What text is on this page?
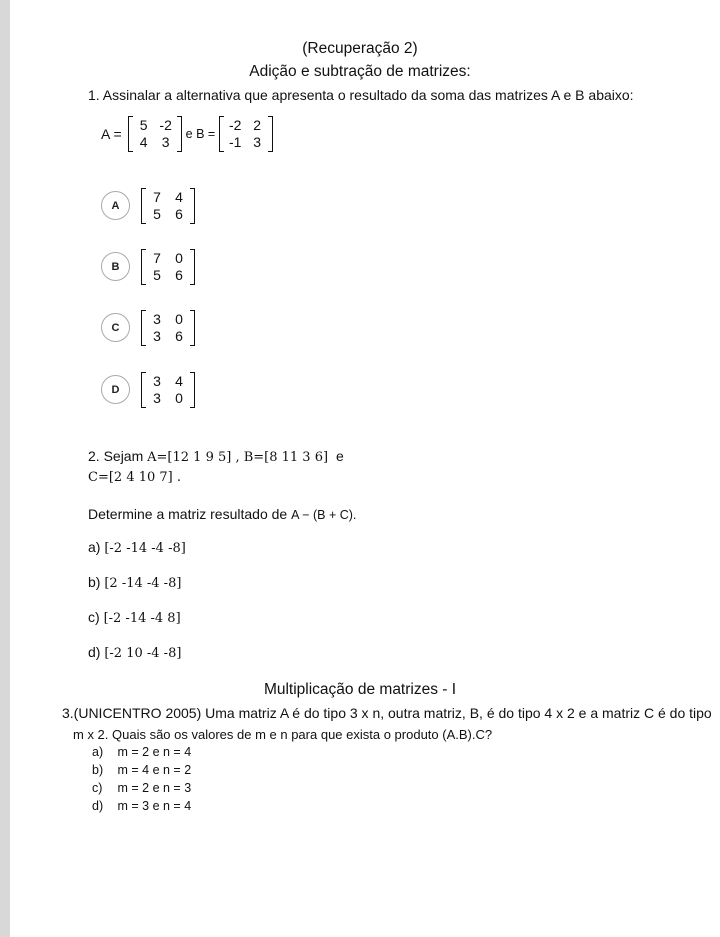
(Recuperação 2)
Adição e subtração de matrizes:
1. Assinalar a alternativa que apresenta o resultado da soma das matrizes A e B abaixo:
A =
5 -2
4	3	e B =
-2 2
-1 3
A
7	4
5	6
B
7	0
5	6
C
3	0
3	6
D
3	4
3	0
2. Sejam A=[12 1 9 5] , B=[8 11 3 6] e
C=[2 4 10 7] .
Determine a matriz resultado de A − (B + C).
a) [-2 -14 -4 -8]
b) [2 -14 -4 -8]
c) [-2 -14 -4 8]
d) [-2 10 -4 -8]
Multiplicação de matrizes - I
3.(UNICENTRO 2005) Uma matriz A é do tipo 3 x n, outra matriz, B, é do tipo 4 x 2 e a matriz C é do tipo
m x 2. Quais são os valores de m e n para que exista o produto (A.B).C?
a) m = 2 e n = 4
b) m = 4 e n = 2
c) m = 2 e n = 3
d) m = 3 e n = 4
